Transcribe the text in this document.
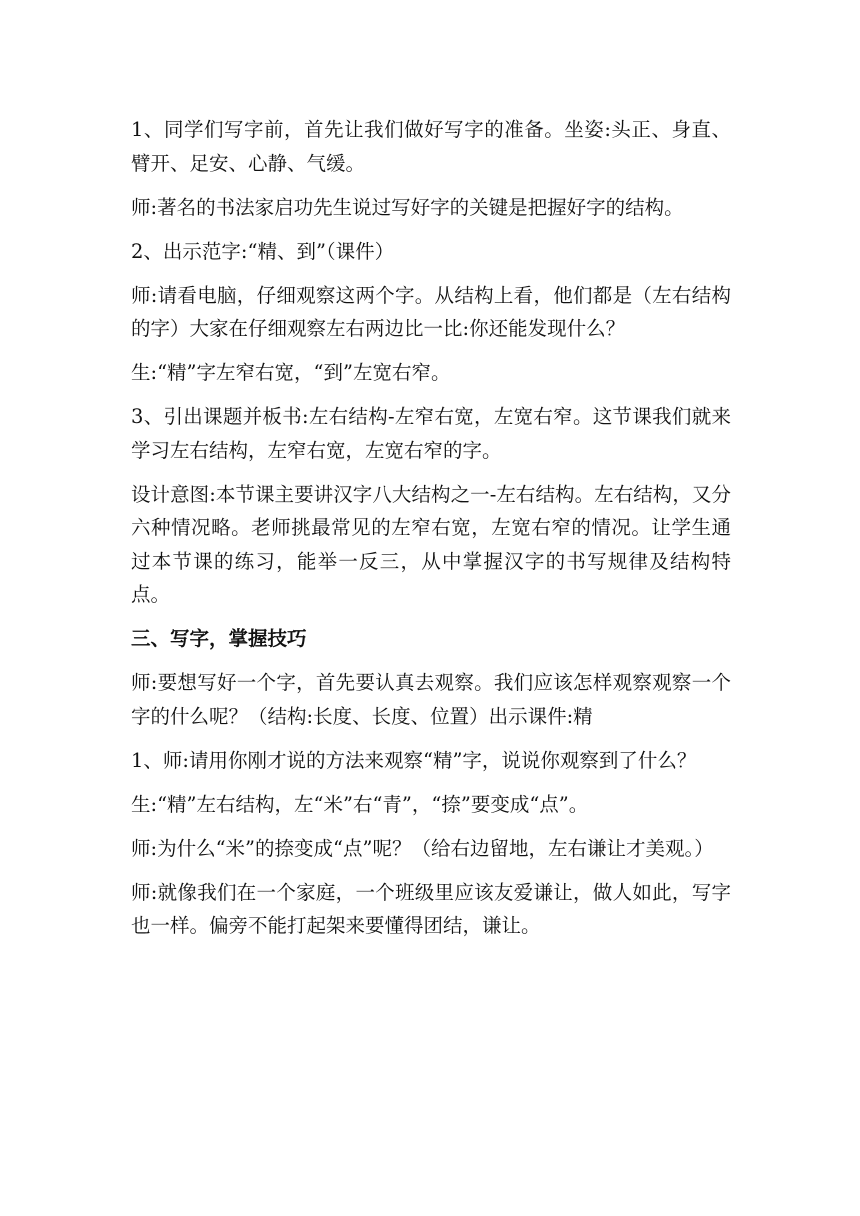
1、同学们写字前，首先让我们做好写字的准备。坐姿:头正、身直、臂开、足安、心静、气缓。

师:著名的书法家启功先生说过写好字的关键是把握好字的结构。

2、出示范字:“精、到”（课件）

师:请看电脑，仔细观察这两个字。从结构上看，他们都是（左右结构的字）大家在仔细观察左右两边比一比:你还能发现什么？

生:“精”字左窄右宽，“到”左宽右窄。

3、引出课题并板书:左右结构-左窄右宽，左宽右窄。这节课我们就来学习左右结构，左窄右宽，左宽右窄的字。

设计意图:本节课主要讲汉字八大结构之一-左右结构。左右结构，又分六种情况略。老师挑最常见的左窄右宽，左宽右窄的情况。让学生通过本节课的练习，能举一反三，从中掌握汉字的书写规律及结构特点。

三、写字，掌握技巧

师:要想写好一个字，首先要认真去观察。我们应该怎样观察观察一个字的什么呢？（结构:长度、长度、位置）出示课件:精

1、师:请用你刚才说的方法来观察“精”字，说说你观察到了什么？

生:“精”左右结构，左“米”右“青”，“捺”要变成“点”。

师:为什么“米”的捺变成“点”呢？（给右边留地，左右谦让才美观。）

师:就像我们在一个家庭，一个班级里应该友爱谦让，做人如此，写字也一样。偏旁不能打起架来要懂得团结，谦让。
